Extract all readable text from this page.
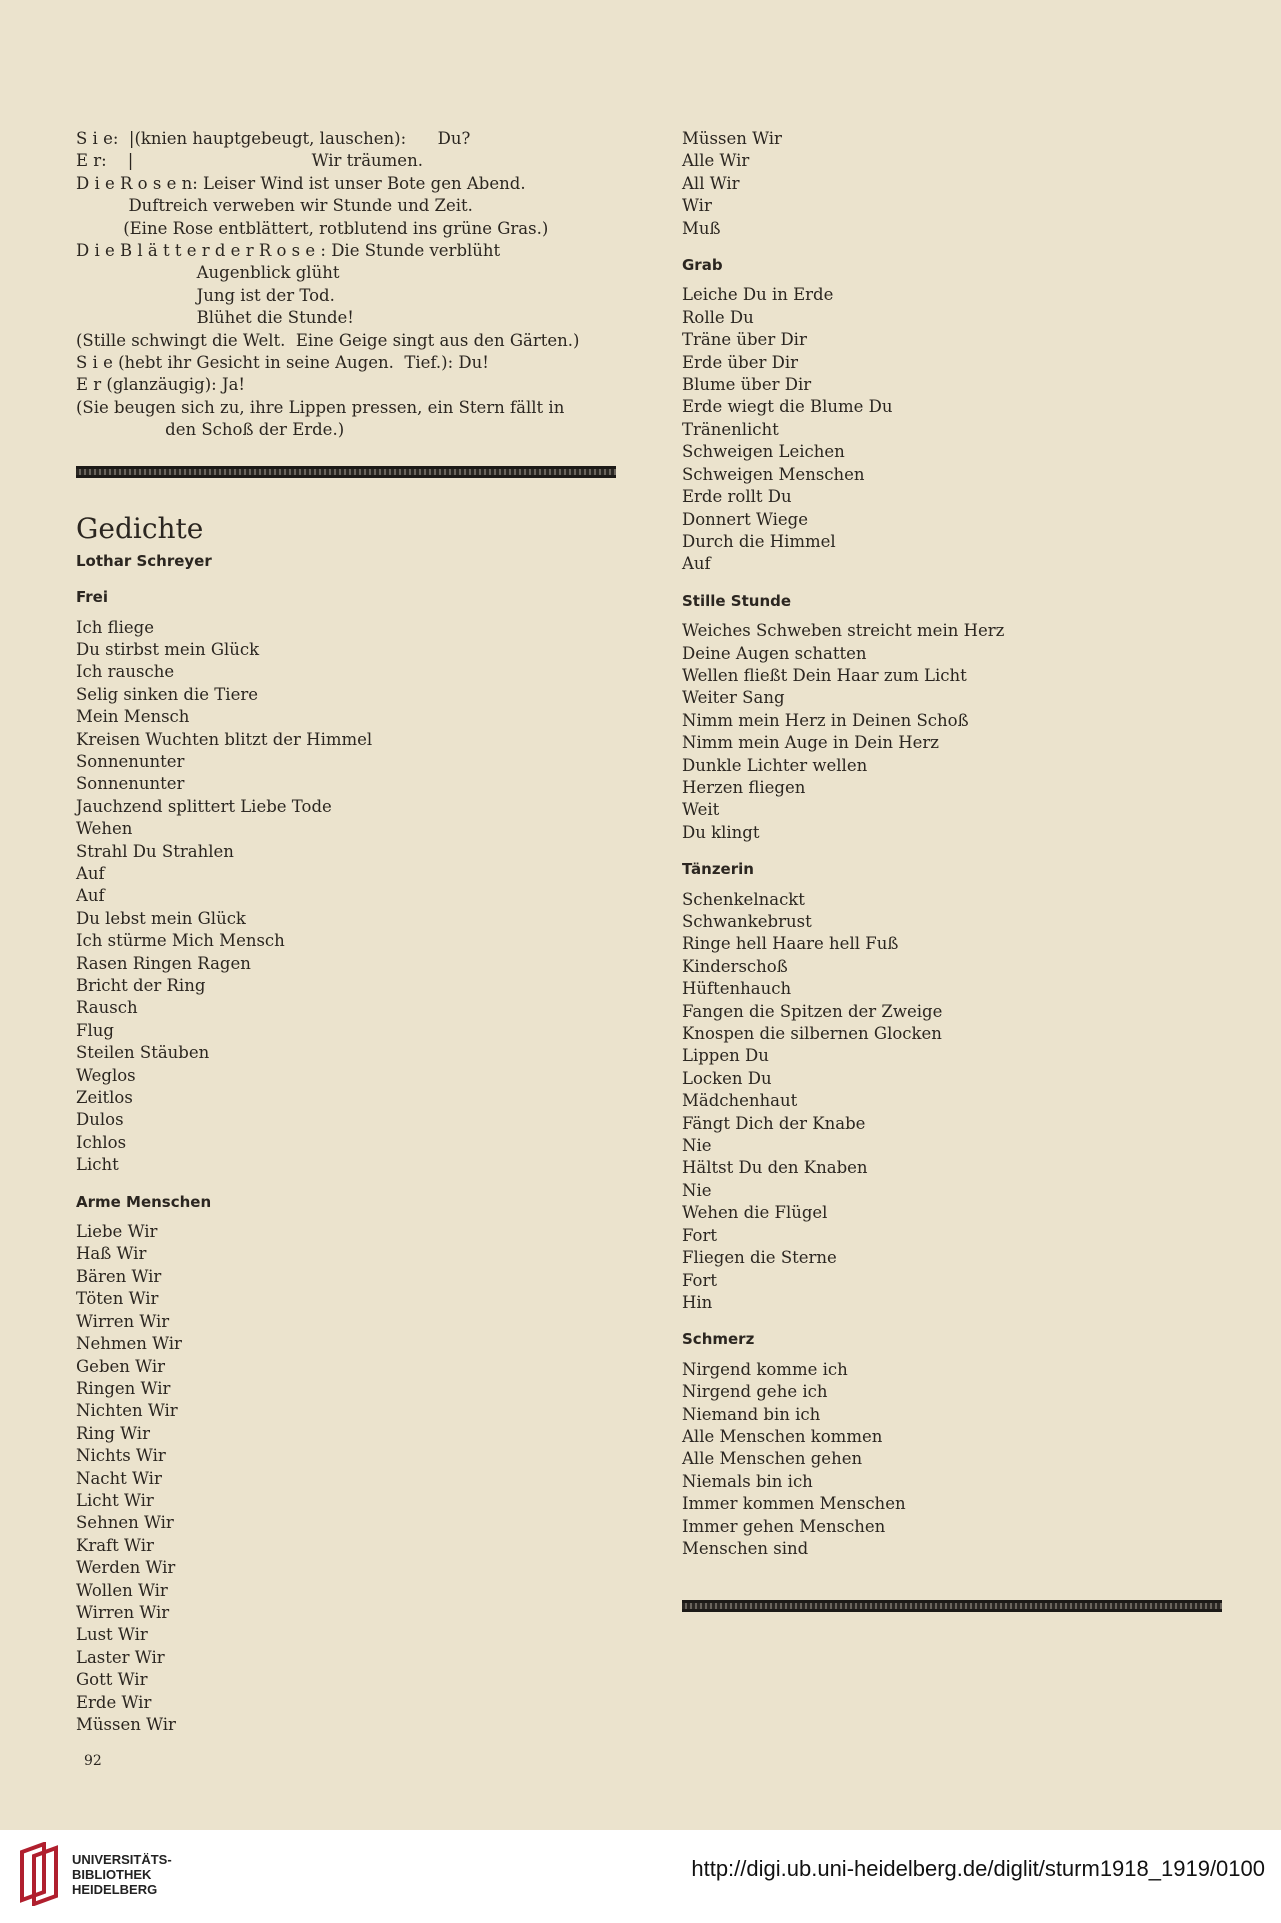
S i e:  |(knien hauptgebeugt, lauschen):      Du?
E r:    |                                  Wir träumen.
D i e R o s e n: Leiser Wind ist unser Bote gen Abend.
Duftreich verweben wir Stunde und Zeit.
(Eine Rose entblättert, rotblutend ins grüne Gras.)
D i e B l ä t t e r d e r R o s e : Die Stunde verblüht
Augenblick glüht
Jung ist der Tod.
Blühet die Stunde!
(Stille schwingt die Welt.  Eine Geige singt aus den Gärten.)
S i e (hebt ihr Gesicht in seine Augen.  Tief.): Du!
E r (glanzäugig): Ja!
(Sie beugen sich zu, ihre Lippen pressen, ein Stern fällt in
den Schoß der Erde.)
Gedichte
Lothar Schreyer
Frei
Ich fliege
Du stirbst mein Glück
Ich rausche
Selig sinken die Tiere
Mein Mensch
Kreisen Wuchten blitzt der Himmel
Sonnenunter
Sonnenunter
Jauchzend splittert Liebe Tode
Wehen
Strahl Du Strahlen
Auf
Auf
Du lebst mein Glück
Ich stürme Mich Mensch
Rasen Ringen Ragen
Bricht der Ring
Rausch
Flug
Steilen Stäuben
Weglos
Zeitlos
Dulos
Ichlos
Licht
Arme Menschen
Liebe Wir
Haß Wir
Bären Wir
Töten Wir
Wirren Wir
Nehmen Wir
Geben Wir
Ringen Wir
Nichten Wir
Ring Wir
Nichts Wir
Nacht Wir
Licht Wir
Sehnen Wir
Kraft Wir
Werden Wir
Wollen Wir
Wirren Wir
Lust Wir
Laster Wir
Gott Wir
Erde Wir
Müssen Wir
Müssen Wir
Alle Wir
All Wir
Wir
Muß
Grab
Leiche Du in Erde
Rolle Du
Träne über Dir
Erde über Dir
Blume über Dir
Erde wiegt die Blume Du
Tränenlicht
Schweigen Leichen
Schweigen Menschen
Erde rollt Du
Donnert Wiege
Durch die Himmel
Auf
Stille Stunde
Weiches Schweben streicht mein Herz
Deine Augen schatten
Wellen fließt Dein Haar zum Licht
Weiter Sang
Nimm mein Herz in Deinen Schoß
Nimm mein Auge in Dein Herz
Dunkle Lichter wellen
Herzen fliegen
Weit
Du klingt
Tänzerin
Schenkelnackt
Schwankebrust
Ringe hell Haare hell Fuß
Kinderschoß
Hüftenhauch
Fangen die Spitzen der Zweige
Knospen die silbernen Glocken
Lippen Du
Locken Du
Mädchenhaut
Fängt Dich der Knabe
Nie
Hältst Du den Knaben
Nie
Wehen die Flügel
Fort
Fliegen die Sterne
Fort
Hin
Schmerz
Nirgend komme ich
Nirgend gehe ich
Niemand bin ich
Alle Menschen kommen
Alle Menschen gehen
Niemals bin ich
Immer kommen Menschen
Immer gehen Menschen
Menschen sind
92
UNIVERSITÄTS-
BIBLIOTHEK
HEIDELBERG
http://digi.ub.uni-heidelberg.de/diglit/sturm1918_1919/0100
